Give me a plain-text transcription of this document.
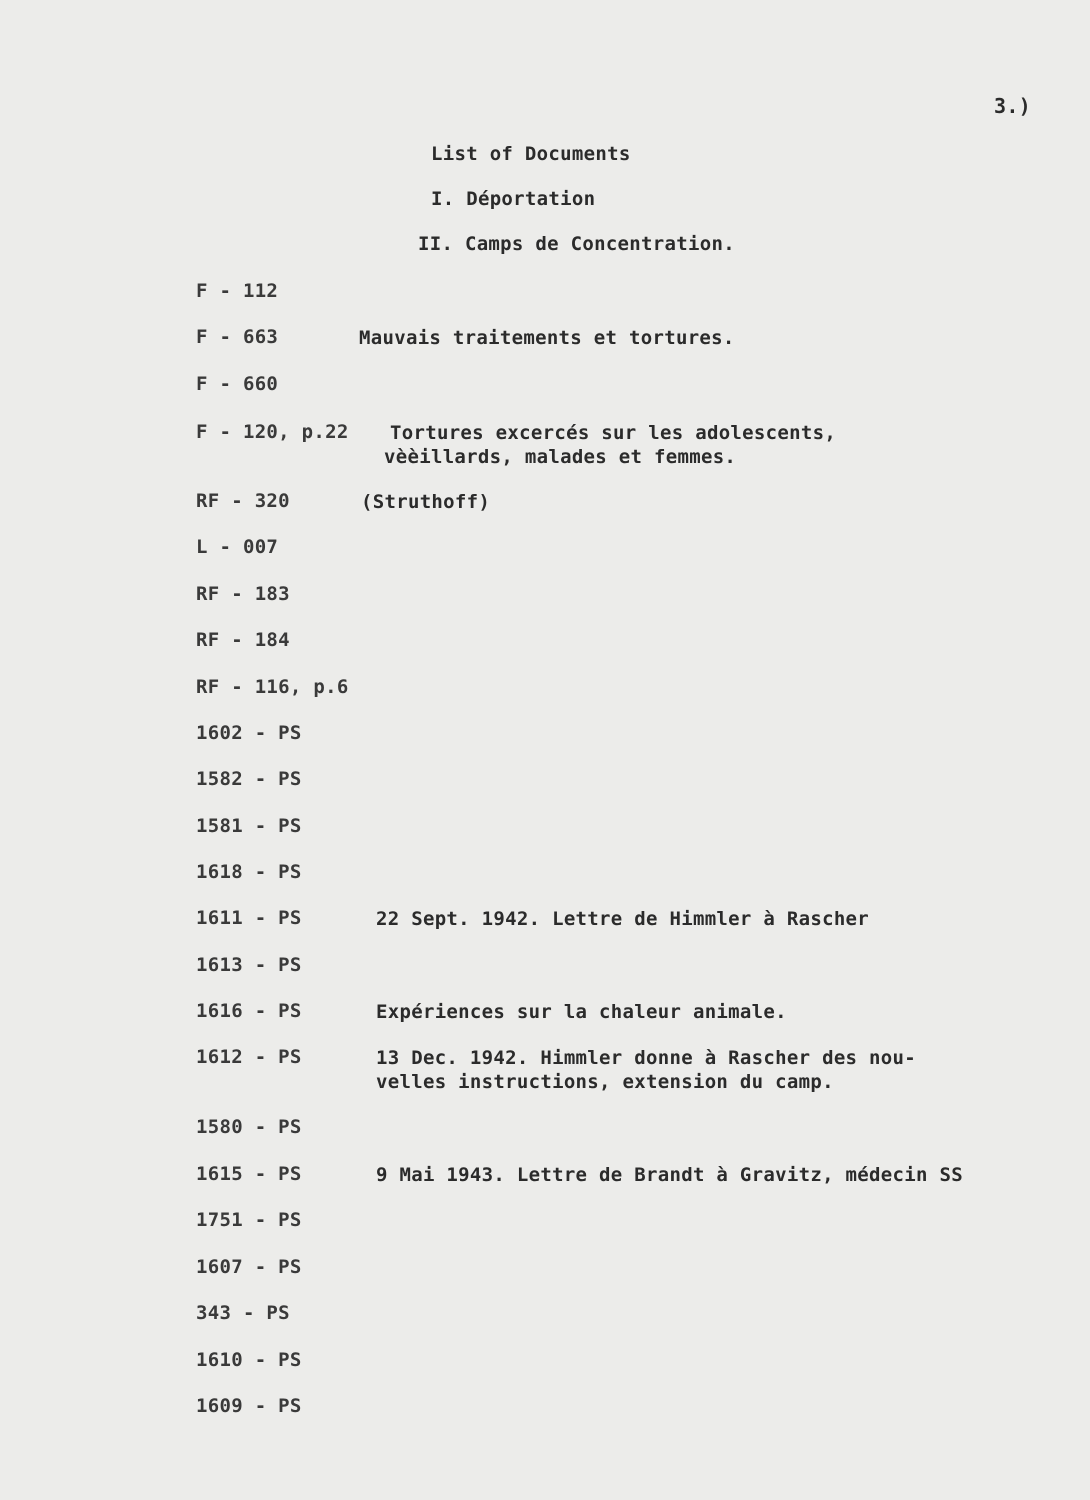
3.)
List of Documents
I. Déportation
II. Camps de Concentration.
F - 112
F - 663	Mauvais traitements et tortures.
F - 660
F - 120, p.22 Tortures excercés sur les adolescents,
vèèillards, malades et femmes.
RF - 320	(Struthoff)
L - 007
RF - 183
RF - 184
RF - 116, p.6
1602 - PS
1582 - PS
1581 - PS
1618 - PS
1611 - PS	22 Sept. 1942. Lettre de Himmler à Rascher
1613 - PS
1616 - PS	Expériences sur la chaleur animale.
1612 - PS	13 Dec. 1942. Himmler donne à Rascher des nou-
velles instructions, extension du camp.
1580 - PS
1615 - PS	9 Mai 1943. Lettre de Brandt à Gravitz, médecin SS
1751 - PS
1607 - PS
343 - PS
1610 - PS
1609 - PS
